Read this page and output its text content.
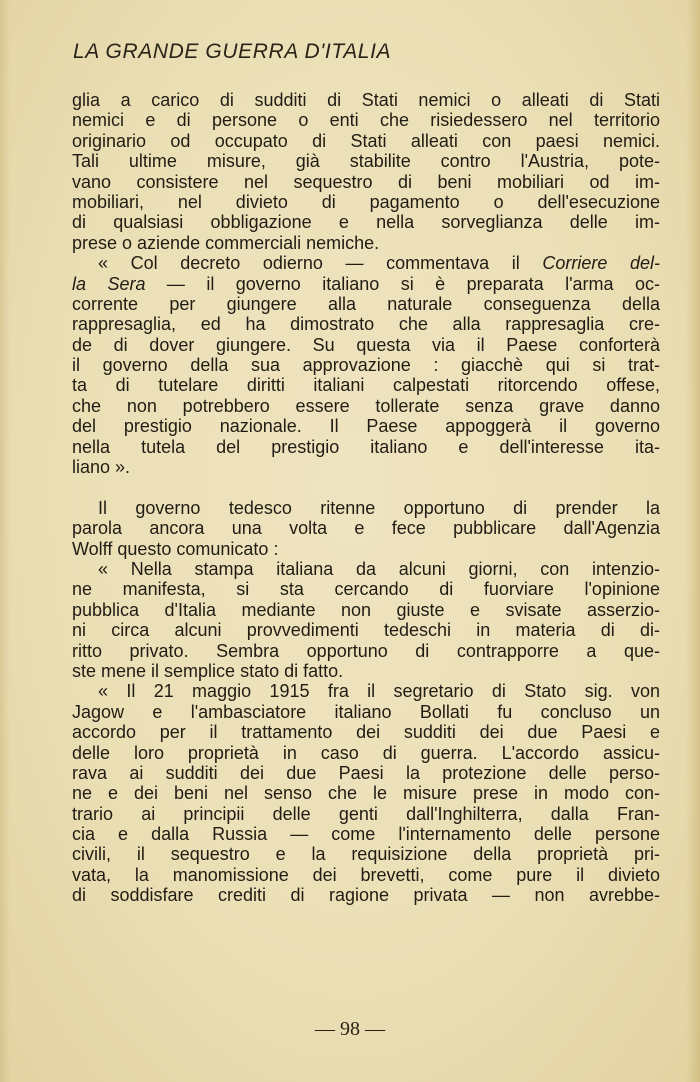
LA GRANDE GUERRA D'ITALIA
glia a carico di sudditi di Stati nemici o alleati di Stati
nemici e di persone o enti che risiedessero nel territorio
originario od occupato di Stati alleati con paesi nemici.
Tali ultime misure, già stabilite contro l'Austria, pote-
vano consistere nel sequestro di beni mobiliari od im-
mobiliari, nel divieto di pagamento o dell'esecuzione
di qualsiasi obbligazione e nella sorveglianza delle im-
prese o aziende commerciali nemiche.
« Col decreto odierno — commentava il Corriere del-
la Sera — il governo italiano si è preparata l'arma oc-
corrente per giungere alla naturale conseguenza della
rappresaglia, ed ha dimostrato che alla rappresaglia cre-
de di dover giungere. Su questa via il Paese conforterà
il governo della sua approvazione : giacchè qui si trat-
ta di tutelare diritti italiani calpestati ritorcendo offese,
che non potrebbero essere tollerate senza grave danno
del prestigio nazionale. Il Paese appoggerà il governo
nella tutela del prestigio italiano e dell'interesse ita-
liano ».
Il governo tedesco ritenne opportuno di prender la
parola ancora una volta e fece pubblicare dall'Agenzia
Wolff questo comunicato :
« Nella stampa italiana da alcuni giorni, con intenzio-
ne manifesta, si sta cercando di fuorviare l'opinione
pubblica d'Italia mediante non giuste e svisate asserzio-
ni circa alcuni provvedimenti tedeschi in materia di di-
ritto privato. Sembra opportuno di contrapporre a que-
ste mene il semplice stato di fatto.
« Il 21 maggio 1915 fra il segretario di Stato sig. von
Jagow e l'ambasciatore italiano Bollati fu concluso un
accordo per il trattamento dei sudditi dei due Paesi e
delle loro proprietà in caso di guerra. L'accordo assicu-
rava ai sudditi dei due Paesi la protezione delle perso-
ne e dei beni nel senso che le misure prese in modo con-
trario ai principii delle genti dall'Inghilterra, dalla Fran-
cia e dalla Russia — come l'internamento delle persone
civili, il sequestro e la requisizione della proprietà pri-
vata, la manomissione dei brevetti, come pure il divieto
di soddisfare crediti di ragione privata — non avrebbe-
— 98 —
